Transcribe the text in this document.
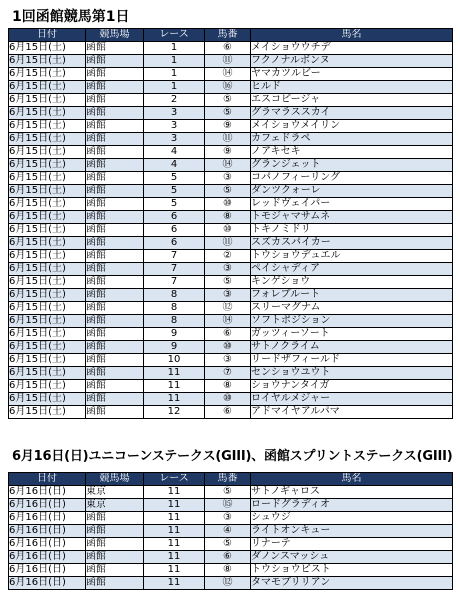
1回函館競馬第1日
日付	競馬場	レース	馬番	馬名
6月15日(土)	函館	1	⑥	メイショウウチデ
6月15日(土)	函館	1	⑪	フクノナルボンヌ
6月15日(土)	函館	1	⑭	ヤマカツルビー
6月15日(土)	函館	1	⑯	ヒルド
6月15日(土)	函館	2	⑤	エスコピージャ
6月15日(土)	函館	3	⑤	グラマラススカイ
6月15日(土)	函館	3	⑨	メイショウメイリン
6月15日(土)	函館	3	⑪	カフェドラペ
6月15日(土)	函館	4	⑨	ノアキセキ
6月15日(土)	函館	4	⑭	グランジェット
6月15日(土)	函館	5	③	コパノフィーリング
6月15日(土)	函館	5	⑤	ダンツクォーレ
6月15日(土)	函館	5	⑩	レッドヴェイパー
6月15日(土)	函館	6	⑧	トモジャマサムネ
6月15日(土)	函館	6	⑩	トキノミドリ
6月15日(土)	函館	6	⑪	スズカスパイカー
6月15日(土)	函館	7	②	トウショウデュエル
6月15日(土)	函館	7	③	ペイシャディア
6月15日(土)	函館	7	⑤	キンゲショウ
6月15日(土)	函館	8	③	フォレブルート
6月15日(土)	函館	8	⑫	スリーマグナム
6月15日(土)	函館	8	⑭	ソフトポジション
6月15日(土)	函館	9	⑥	ガッツィーソート
6月15日(土)	函館	9	⑩	サトノクライム
6月15日(土)	函館	10	③	リードザフィールド
6月15日(土)	函館	11	⑦	センショウユウト
6月15日(土)	函館	11	⑧	ショウナンタイガ
6月15日(土)	函館	11	⑩	ロイヤルメジャー
6月15日(土)	函館	12	⑥	アドマイヤアルパマ
6月16日(日)ユニコーンステークス(GIII)、函館スプリントステークス(GIII)
日付	競馬場	レース	馬番	馬名
6月16日(日)	東京	11	⑤	サトノギャロス
6月16日(日)	東京	11	⑮	ロードグラディオ
6月16日(日)	函館	11	③	シュウジ
6月16日(日)	函館	11	④	ライトオンキュー
6月16日(日)	函館	11	⑤	リナーテ
6月16日(日)	函館	11	⑥	ダノンスマッシュ
6月16日(日)	函館	11	⑧	トウショウピスト
6月16日(日)	函館	11	⑫	タマモブリリアン
